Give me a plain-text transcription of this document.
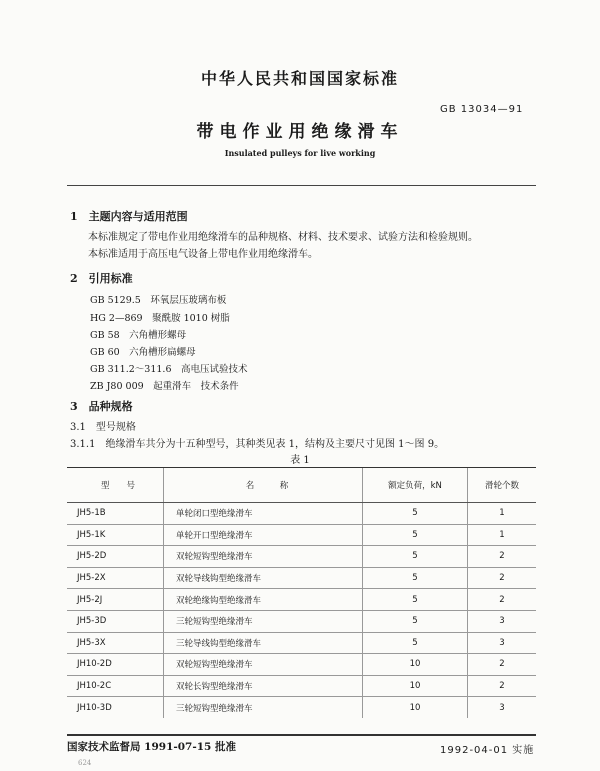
中华人民共和国国家标准
GB 13034—91
带电作业用绝缘滑车
Insulated pulleys for live working
1　主题内容与适用范围
本标准规定了带电作业用绝缘滑车的品种规格、材料、技术要求、试验方法和检验规则。
本标准适用于高压电气设备上带电作业用绝缘滑车。
2　引用标准
GB 5129.5　环氧层压玻璃布板
HG 2—869　聚酰胺 1010 树脂
GB 58　六角槽形螺母
GB 60　六角槽形扁螺母
GB 311.2～311.6　高电压试验技术
ZB J80 009　起重滑车　技术条件
3　品种规格
3.1　型号规格
3.1.1　绝缘滑车共分为十五种型号，其种类见表 1，结构及主要尺寸见图 1～图 9。
表 1
型　　号	名　　　称	额定负荷，kN	滑轮个数
JH5-1B	单轮闭口型绝缘滑车	5	1
JH5-1K	单轮开口型绝缘滑车	5	1
JH5-2D	双轮短钩型绝缘滑车	5	2
JH5-2X	双轮导线钩型绝缘滑车	5	2
JH5-2J	双轮绝缘钩型绝缘滑车	5	2
JH5-3D	三轮短钩型绝缘滑车	5	3
JH5-3X	三轮导线钩型绝缘滑车	5	3
JH10-2D	双轮短钩型绝缘滑车	10	2
JH10-2C	双轮长钩型绝缘滑车	10	2
JH10-3D	三轮短钩型绝缘滑车	10	3
国家技术监督局 1991-07-15 批准	1992-04-01 实施
624
